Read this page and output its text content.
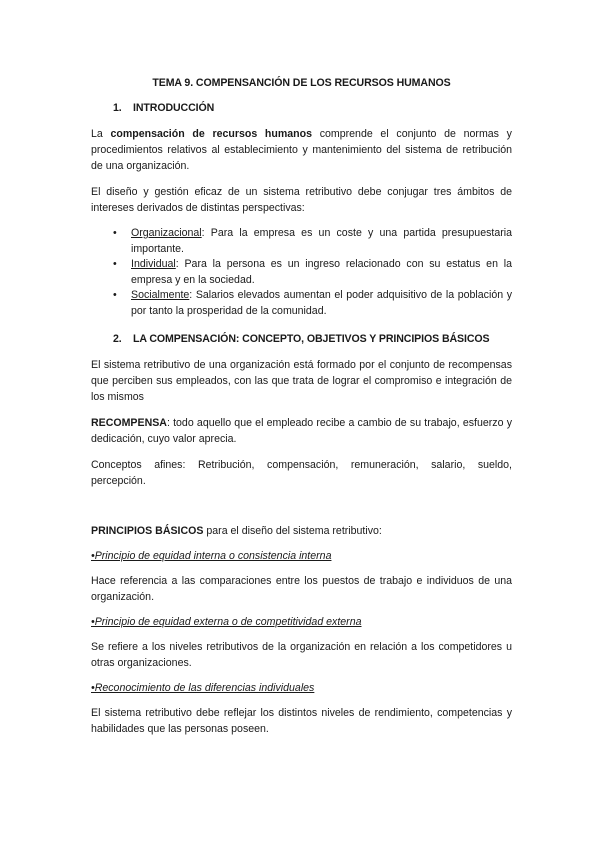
TEMA 9. COMPENSANCIÓN DE LOS RECURSOS HUMANOS
1. INTRODUCCIÓN

La compensación de recursos humanos comprende el conjunto de normas y procedimientos relativos al establecimiento y mantenimiento del sistema de retribución de una organización.

El diseño y gestión eficaz de un sistema retributivo debe conjugar tres ámbitos de intereses derivados de distintas perspectivas:

• Organizacional: Para la empresa es un coste y una partida presupuestaria importante.
• Individual: Para la persona es un ingreso relacionado con su estatus en la empresa y en la sociedad.
• Socialmente: Salarios elevados aumentan el poder adquisitivo de la población y por tanto la prosperidad de la comunidad.
2. LA COMPENSACIÓN: CONCEPTO, OBJETIVOS Y PRINCIPIOS BÁSICOS

El sistema retributivo de una organización está formado por el conjunto de recompensas que perciben sus empleados, con las que trata de lograr el compromiso e integración de los mismos

RECOMPENSA: todo aquello que el empleado recibe a cambio de su trabajo, esfuerzo y dedicación, cuyo valor aprecia.

Conceptos afines: Retribución, compensación, remuneración, salario, sueldo, percepción.

PRINCIPIOS BÁSICOS para el diseño del sistema retributivo:

•Principio de equidad interna o consistencia interna

Hace referencia a las comparaciones entre los puestos de trabajo e individuos de una organización.

•Principio de equidad externa o de competitividad externa

Se refiere a los niveles retributivos de la organización en relación a los competidores u otras organizaciones.

•Reconocimiento de las diferencias individuales

El sistema retributivo debe reflejar los distintos niveles de rendimiento, competencias y habilidades que las personas poseen.
